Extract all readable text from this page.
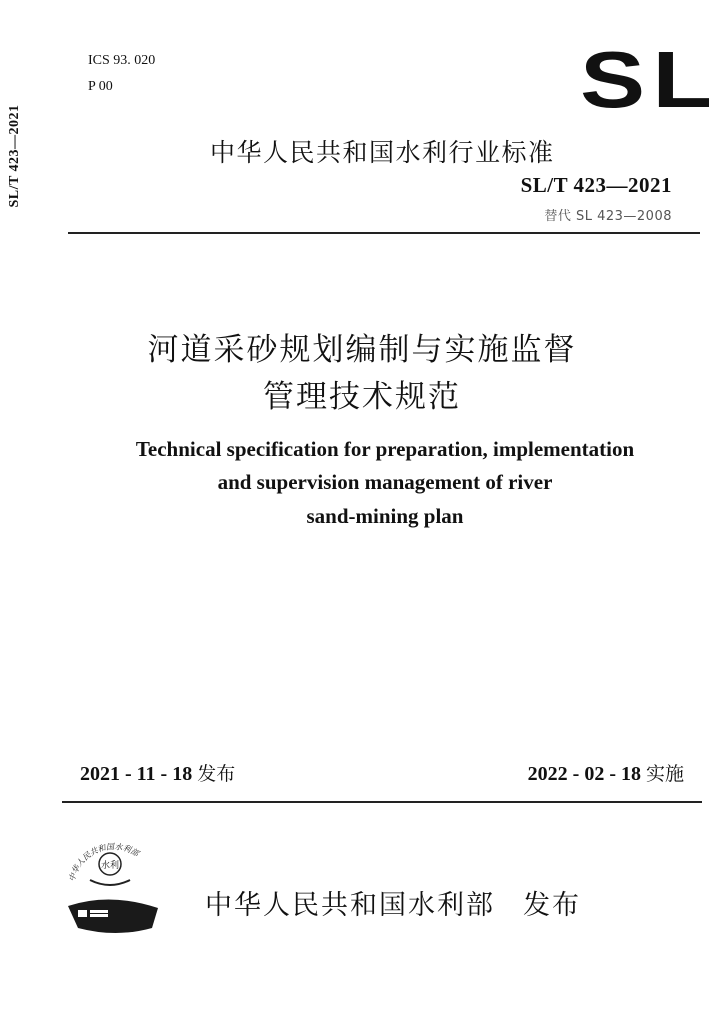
SL/T 423—2021
ICS 93. 020
P 00	SL
中华人民共和国水利行业标准
SL/T 423—2021
替代 SL 423—2008
河道采砂规划编制与实施监督
管理技术规范
Technical specification for preparation, implementation
and supervision management of river
sand-mining plan
2021 - 11 - 18 发布	2022 - 02 - 18 实施
中华人民共和国水利部
水利
中华人民共和国水利部 发布
